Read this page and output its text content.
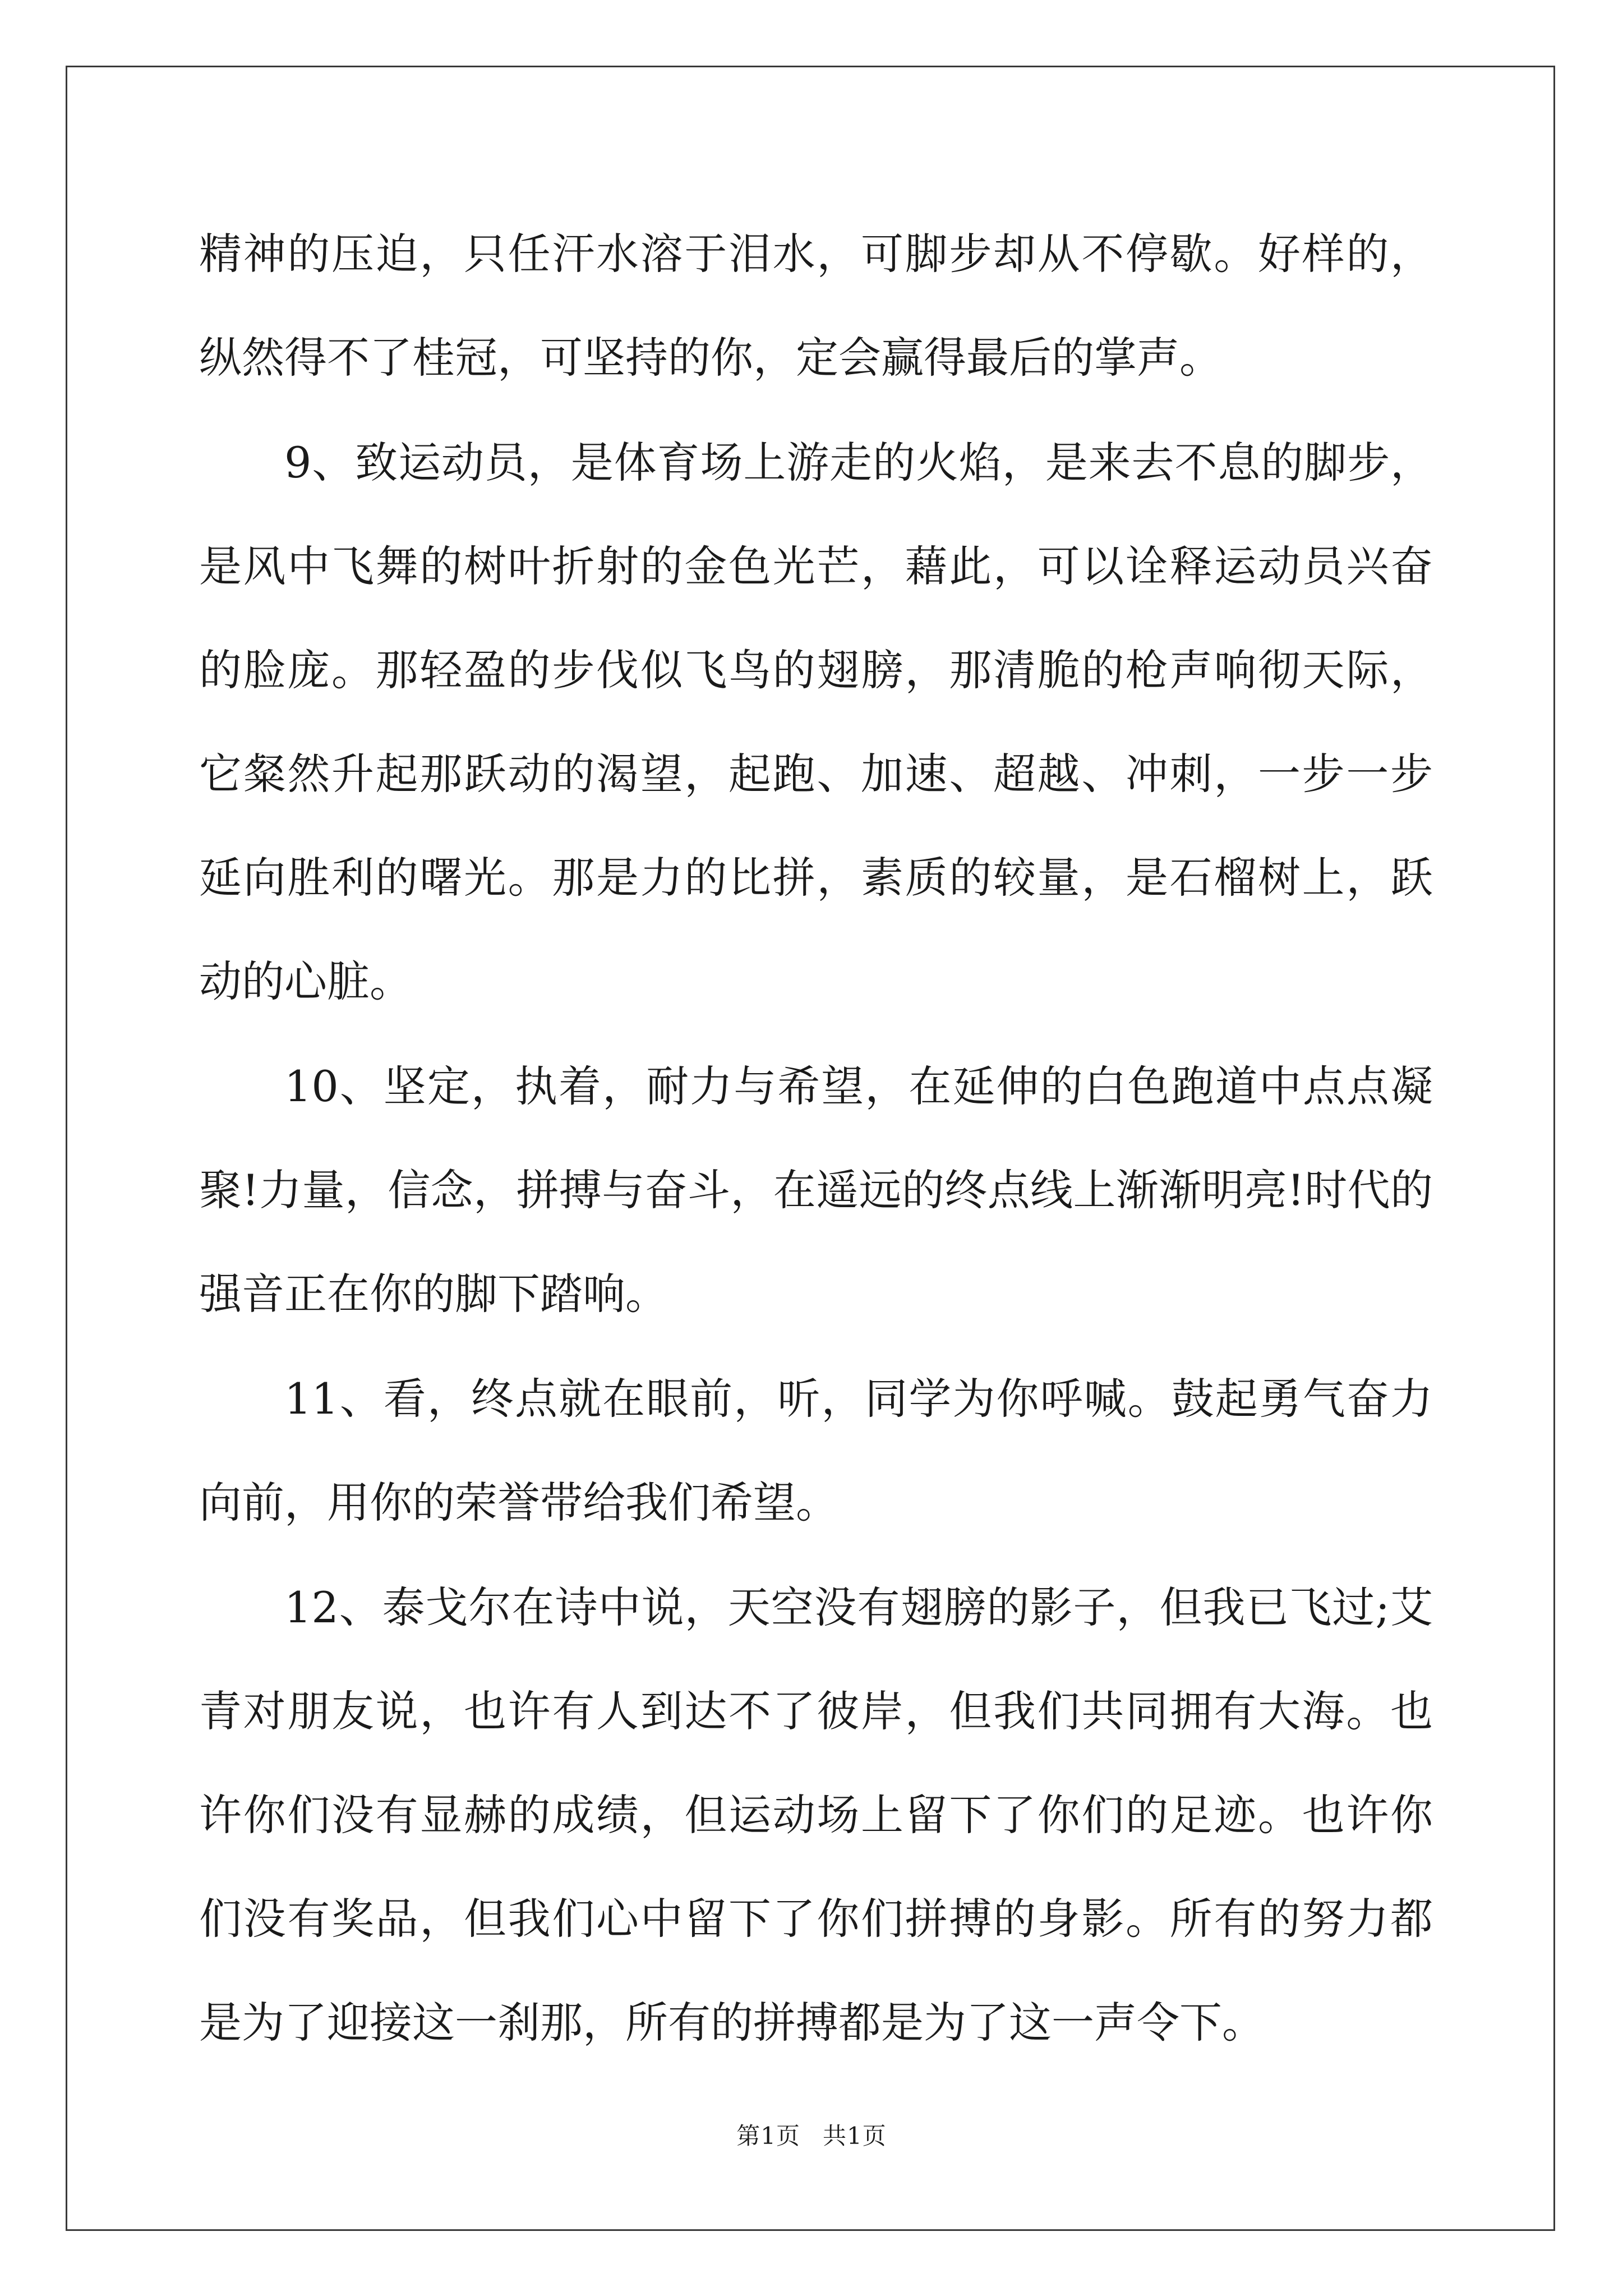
精神的压迫，只任汗水溶于泪水，可脚步却从不停歇。好样的，纵然得不了桂冠，可坚持的你，定会赢得最后的掌声。

9、致运动员，是体育场上游走的火焰，是来去不息的脚步，是风中飞舞的树叶折射的金色光芒，藉此，可以诠释运动员兴奋的脸庞。那轻盈的步伐似飞鸟的翅膀，那清脆的枪声响彻天际，它粲然升起那跃动的渴望，起跑、加速、超越、冲刺，一步一步延向胜利的曙光。那是力的比拼，素质的较量，是石榴树上，跃动的心脏。

10、坚定，执着，耐力与希望，在延伸的白色跑道中点点凝聚!力量，信念，拼搏与奋斗，在遥远的终点线上渐渐明亮!时代的强音正在你的脚下踏响。

11、看，终点就在眼前，听，同学为你呼喊。鼓起勇气奋力向前，用你的荣誉带给我们希望。

12、泰戈尔在诗中说，天空没有翅膀的影子，但我已飞过;艾青对朋友说，也许有人到达不了彼岸，但我们共同拥有大海。也许你们没有显赫的成绩，但运动场上留下了你们的足迹。也许你们没有奖品，但我们心中留下了你们拼搏的身影。所有的努力都是为了迎接这一刹那，所有的拼搏都是为了这一声令下。

第1页 共1页
